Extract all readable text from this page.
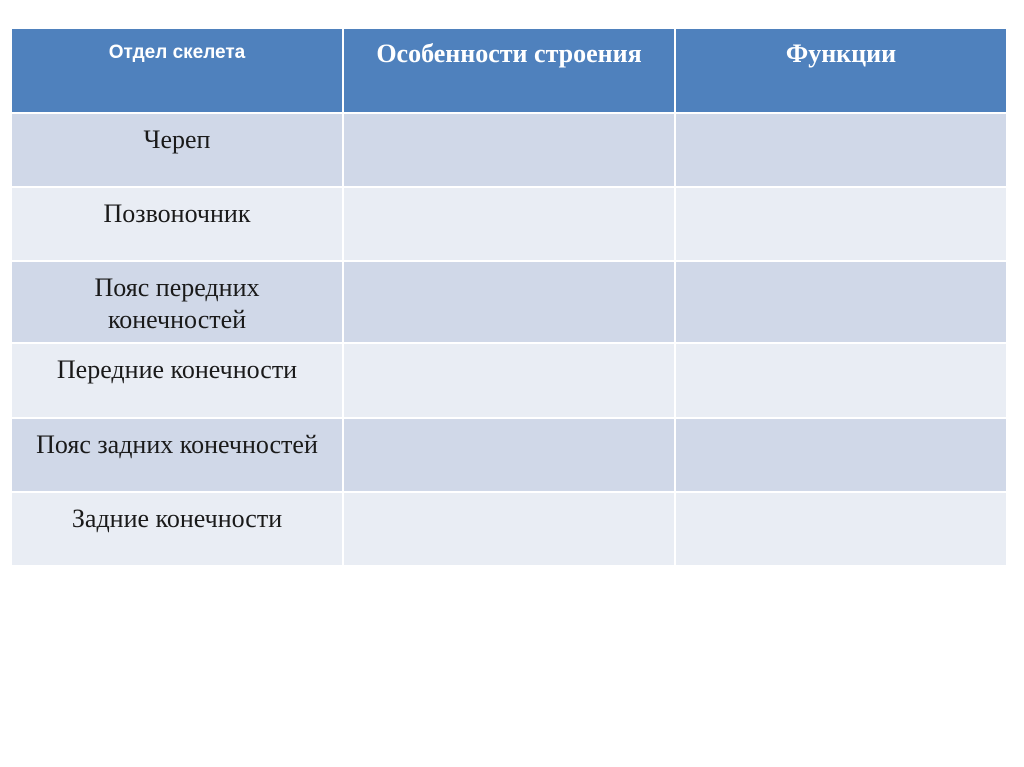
Отдел скелета	Особенности строения	Функции
Череп		
Позвоночник		
Пояс передних конечностей		
Передние конечности		
Пояс задних конечностей		
Задние конечности		
